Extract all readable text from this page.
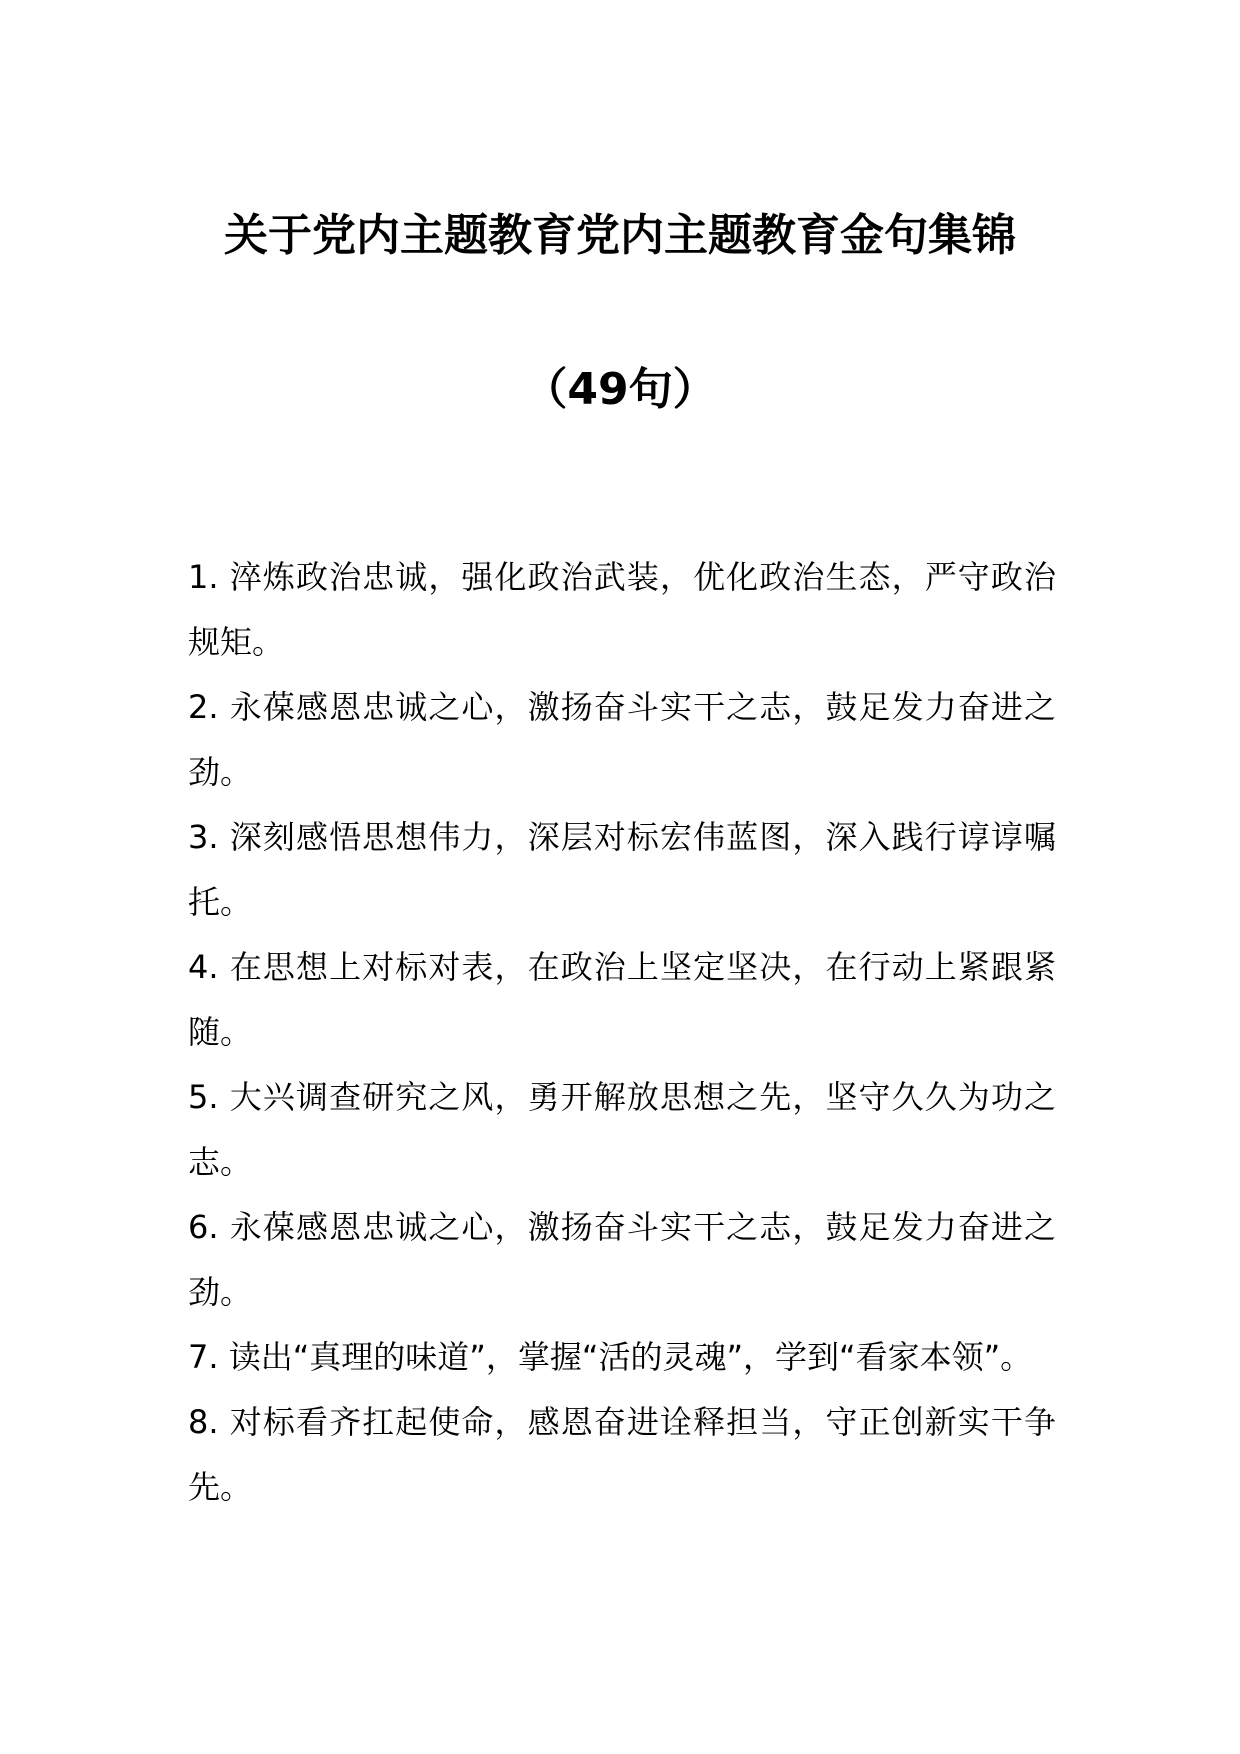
关于党内主题教育党内主题教育金句集锦
（49句）
1. 淬炼政治忠诚，强化政治武装，优化政治生态，严守政治规矩。
2. 永葆感恩忠诚之心，激扬奋斗实干之志，鼓足发力奋进之劲。
3. 深刻感悟思想伟力，深层对标宏伟蓝图，深入践行谆谆嘱托。
4. 在思想上对标对表，在政治上坚定坚决，在行动上紧跟紧随。
5. 大兴调查研究之风，勇开解放思想之先，坚守久久为功之志。
6. 永葆感恩忠诚之心，激扬奋斗实干之志，鼓足发力奋进之劲。
7. 读出“真理的味道”，掌握“活的灵魂”，学到“看家本领”。
8. 对标看齐扛起使命，感恩奋进诠释担当，守正创新实干争先。
